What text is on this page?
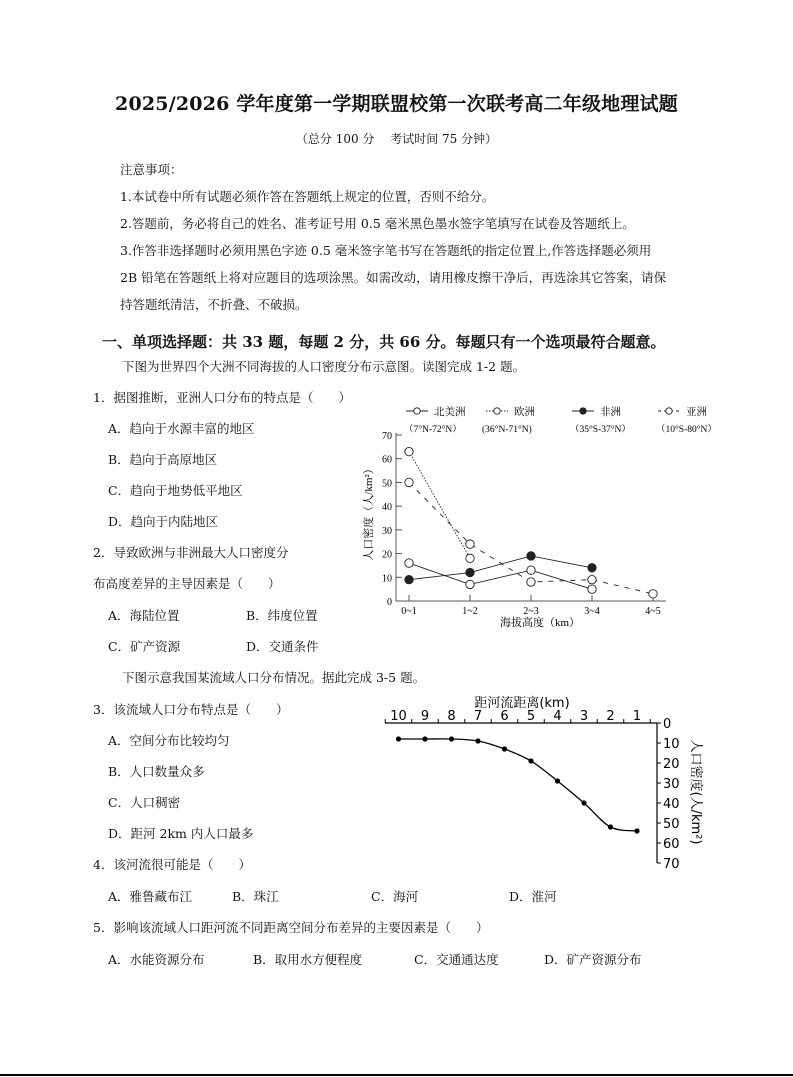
2025/2026 学年度第一学期联盟校第一次联考高二年级地理试题
（总分 100 分　 考试时间 75 分钟）
注意事项：
1.本试卷中所有试题必须作答在答题纸上规定的位置，否则不给分。
2.答题前，务必将自己的姓名、准考证号用 0.5 毫米黑色墨水签字笔填写在试卷及答题纸上。
3.作答非选择题时必须用黑色字迹 0.5 毫米签字笔书写在答题纸的指定位置上,作答选择题必须用
2B 铅笔在答题纸上将对应题目的选项涂黑。如需改动，请用橡皮擦干净后，再选涂其它答案，请保
持答题纸清洁，不折叠、不破损。
一、单项选择题：共 33 题，每题 2 分，共 66 分。每题只有一个选项最符合题意。
下图为世界四个大洲不同海拔的人口密度分布示意图。读图完成 1-2 题。
1．据图推断，亚洲人口分布的特点是（　　）
A．趋向于水源丰富的地区
B．趋向于高原地区
C．趋向于地势低平地区
D．趋向于内陆地区
2．导致欧洲与非洲最大人口密度分
布高度差异的主导因素是（　　）
A．海陆位置	B．纬度位置
C．矿产资源	D．交通条件
下图示意我国某流域人口分布情况。据此完成 3-5 题。
3．该流域人口分布特点是（　　）
A．空间分布比较均匀
B．人口数量众多
C．人口稠密
D．距河 2km 内人口最多
4．该河流很可能是（　　）
A．雅鲁藏布江	B．珠江	C．海河	D．淮河
5．影响该流域人口距河流不同距离空间分布差异的主要因素是（　　）
A．水能资源分布	B．取用水方便程度	C．交通通达度	D．矿产资源分布
北美洲
（7°N-72°N）
欧洲
(36°N-71°N)
非洲
（35°S-37°N）
亚洲
（10°S-80°N）
0
10
20
30
40
50
60
70
0~1	1~2	2~3	3~4	4~5
海拔高度（km）
人口密度（人/km²）
距河流距离(km)
10 9 8 7 6 5 4 3 2 1
0
10
20
30
40
50
60
70
人口密度(人/km²)
